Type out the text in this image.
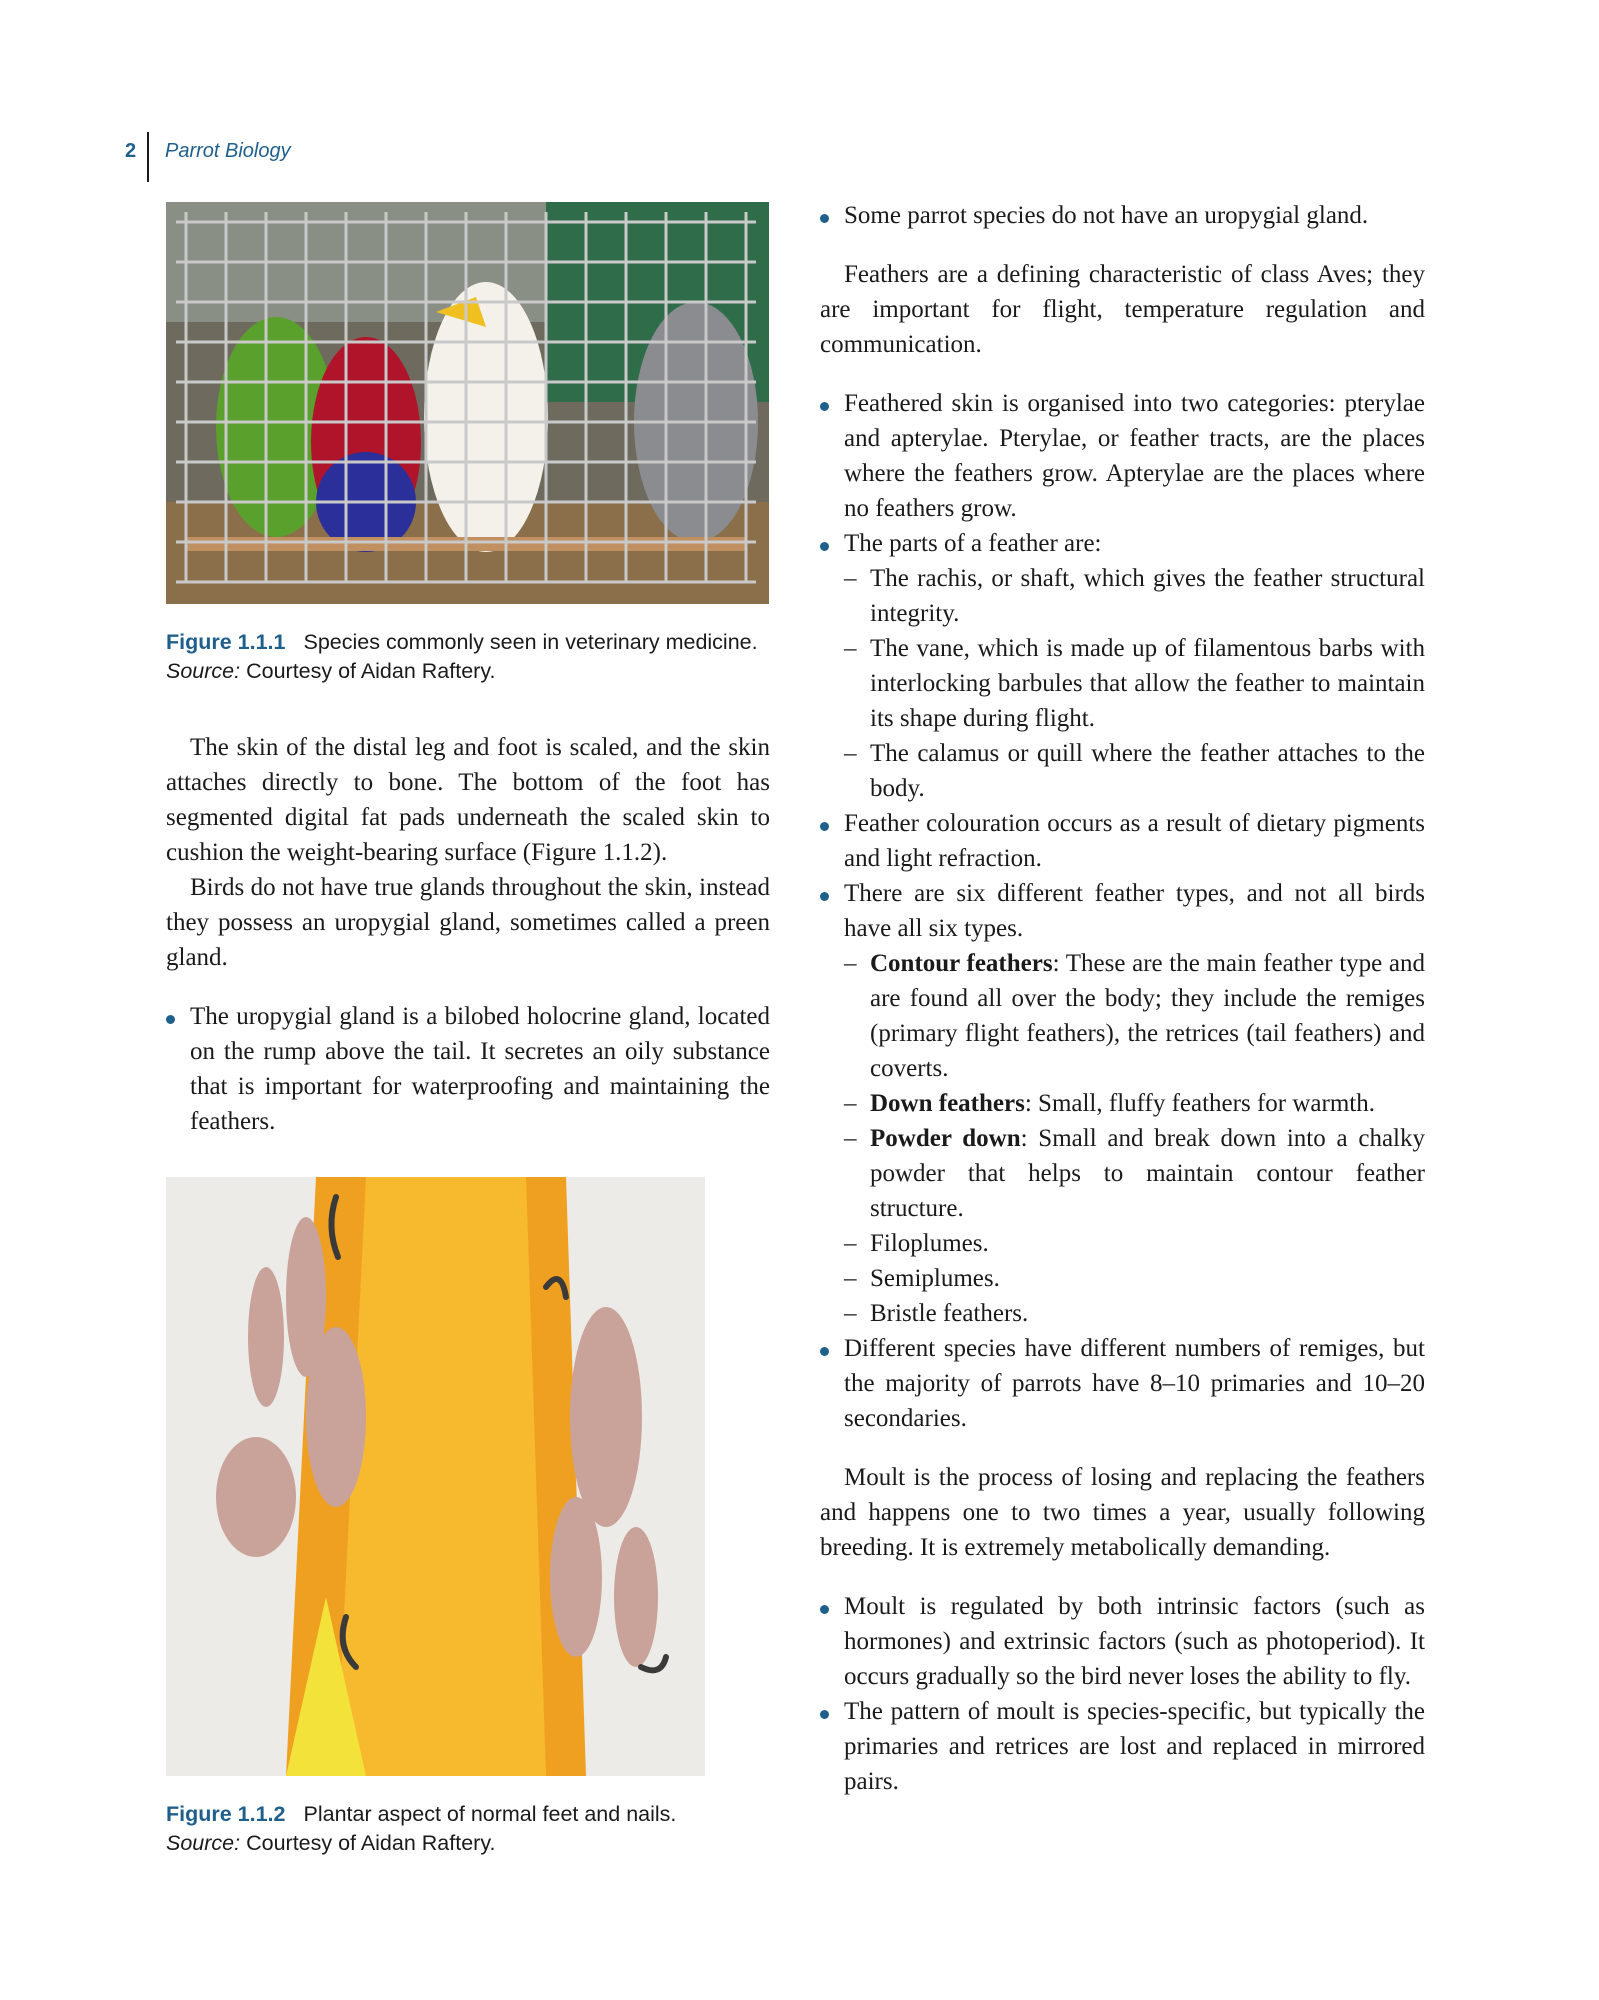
2 Parrot Biology
Figure 1.1.1 Species commonly seen in veterinary medicine. Source: Courtesy of Aidan Raftery.

The skin of the distal leg and foot is scaled, and the skin attaches directly to bone. The bottom of the foot has segmented digital fat pads underneath the scaled skin to cushion the weight-bearing surface (Figure 1.1.2).

Birds do not have true glands throughout the skin, instead they possess an uropygial gland, sometimes called a preen gland.

The uropygial gland is a bilobed holocrine gland, located on the rump above the tail. It secretes an oily substance that is important for waterproofing and maintaining the feathers.
Figure 1.1.2 Plantar aspect of normal feet and nails.
Source: Courtesy of Aidan Raftery.
Some parrot species do not have an uropygial gland.

Feathers are a defining characteristic of class Aves; they are important for flight, temperature regulation and communication.

Feathered skin is organised into two categories: pterylae and apterylae. Pterylae, or feather tracts, are the places where the feathers grow. Apterylae are the places where no feathers grow.
The parts of a feather are:
– The rachis, or shaft, which gives the feather structural integrity.
– The vane, which is made up of filamentous barbs with interlocking barbules that allow the feather to maintain its shape during flight.
– The calamus or quill where the feather attaches to the body.
Feather colouration occurs as a result of dietary pigments and light refraction.
There are six different feather types, and not all birds have all six types.
– Contour feathers: These are the main feather type and are found all over the body; they include the remiges (primary flight feathers), the retrices (tail feathers) and coverts.
– Down feathers: Small, fluffy feathers for warmth.
– Powder down: Small and break down into a chalky powder that helps to maintain contour feather structure.
– Filoplumes.
– Semiplumes.
– Bristle feathers.
Different species have different numbers of remiges, but the majority of parrots have 8–10 primaries and 10–20 secondaries.

Moult is the process of losing and replacing the feathers and happens one to two times a year, usually following breeding. It is extremely metabolically demanding.

Moult is regulated by both intrinsic factors (such as hormones) and extrinsic factors (such as photoperiod). It occurs gradually so the bird never loses the ability to fly.
The pattern of moult is species-specific, but typically the primaries and retrices are lost and replaced in mirrored pairs.
